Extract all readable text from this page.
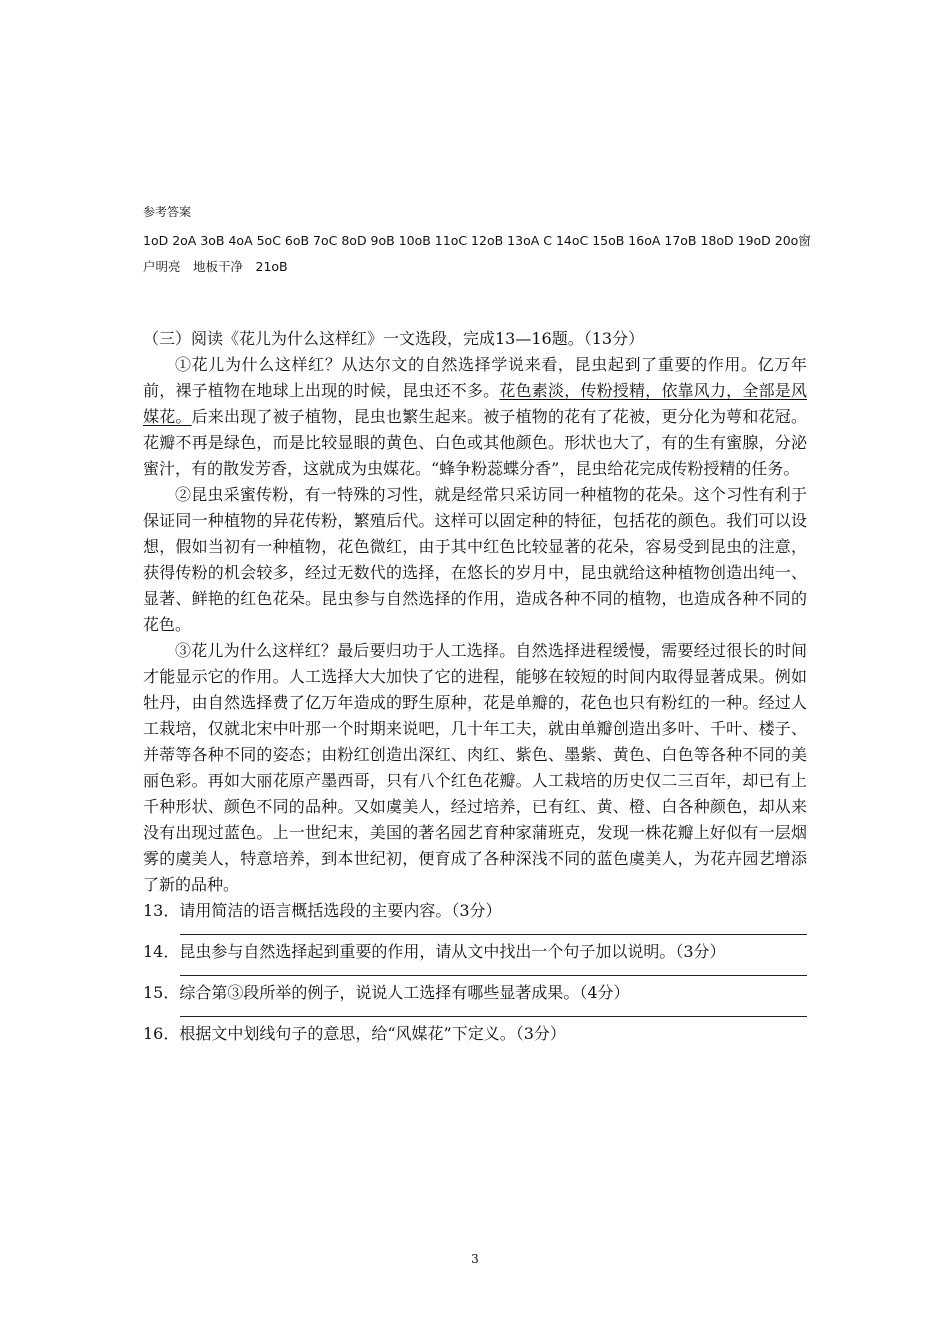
参考答案
1oD 2oA 3oB 4oA 5oC 6oB 7oC 8oD 9oB 10oB 11oC 12oB 13oA C 14oC 15oB 16oA 17oB 18oD 19oD 20o窗户明亮　地板干净　21oB
（三）阅读《花儿为什么这样红》一文选段，完成13—16题。（13分）

①花儿为什么这样红？从达尔文的自然选择学说来看，昆虫起到了重要的作用。亿万年前，裸子植物在地球上出现的时候，昆虫还不多。花色素淡，传粉授精，依靠风力，全部是风媒花。后来出现了被子植物，昆虫也繁生起来。被子植物的花有了花被，更分化为萼和花冠。花瓣不再是绿色，而是比较显眼的黄色、白色或其他颜色。形状也大了，有的生有蜜腺，分泌蜜汁，有的散发芳香，这就成为虫媒花。“蜂争粉蕊蝶分香”，昆虫给花完成传粉授精的任务。

②昆虫采蜜传粉，有一特殊的习性，就是经常只采访同一种植物的花朵。这个习性有利于保证同一种植物的异花传粉，繁殖后代。这样可以固定种的特征，包括花的颜色。我们可以设想，假如当初有一种植物，花色微红，由于其中红色比较显著的花朵，容易受到昆虫的注意，获得传粉的机会较多，经过无数代的选择，在悠长的岁月中，昆虫就给这种植物创造出纯一、显著、鲜艳的红色花朵。昆虫参与自然选择的作用，造成各种不同的植物，也造成各种不同的花色。

③花儿为什么这样红？最后要归功于人工选择。自然选择进程缓慢，需要经过很长的时间才能显示它的作用。人工选择大大加快了它的进程，能够在较短的时间内取得显著成果。例如牡丹，由自然选择费了亿万年造成的野生原种，花是单瓣的，花色也只有粉红的一种。经过人工栽培，仅就北宋中叶那一个时期来说吧，几十年工夫，就由单瓣创造出多叶、千叶、楼子、并蒂等各种不同的姿态；由粉红创造出深红、肉红、紫色、墨紫、黄色、白色等各种不同的美丽色彩。再如大丽花原产墨西哥，只有八个红色花瓣。人工栽培的历史仅二三百年，却已有上千种形状、颜色不同的品种。又如虞美人，经过培养，已有红、黄、橙、白各种颜色，却从来没有出现过蓝色。上一世纪末，美国的著名园艺育种家蒲班克，发现一株花瓣上好似有一层烟雾的虞美人，特意培养，到本世纪初，便育成了各种深浅不同的蓝色虞美人，为花卉园艺增添了新的品种。

13．请用简洁的语言概括选段的主要内容。（3分）

14．昆虫参与自然选择起到重要的作用，请从文中找出一个句子加以说明。（3分）

15．综合第③段所举的例子，说说人工选择有哪些显著成果。（4分）

16．根据文中划线句子的意思，给“风媒花”下定义。（3分）

3
